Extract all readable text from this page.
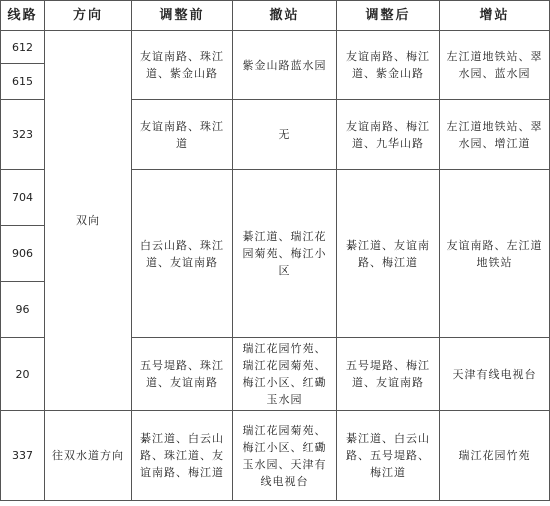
线路	方向	调整前	撤站	调整后	增站
612	双向	友谊南路、珠江道、紫金山路	紫金山路蓝水园	友谊南路、梅江道、紫金山路	左江道地铁站、翠水园、蓝水园
615					
323		友谊南路、珠江道	无	友谊南路、梅江道、九华山路	左江道地铁站、翠水园、增江道
704		白云山路、珠江道、友谊南路	綦江道、瑞江花园菊苑、梅江小区	綦江道、友谊南路、梅江道	友谊南路、左江道地铁站
906					
96					
20		五号堤路、珠江道、友谊南路	瑞江花园竹苑、瑞江花园菊苑、梅江小区、红磡玉水园	五号堤路、梅江道、友谊南路	天津有线电视台
337	往双水道方向	綦江道、白云山路、珠江道、友谊南路、梅江道	瑞江花园菊苑、梅江小区、红磡玉水园、天津有线电视台	綦江道、白云山路、五号堤路、梅江道	瑞江花园竹苑
